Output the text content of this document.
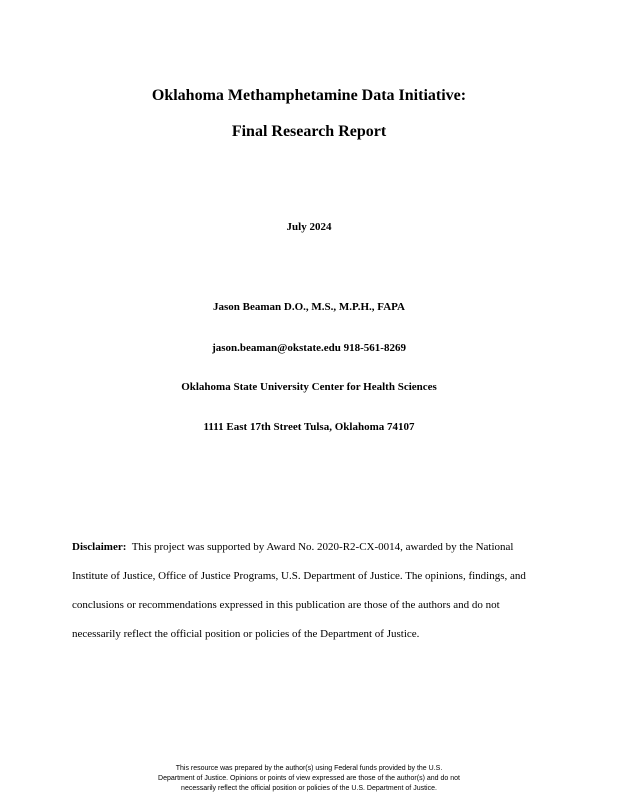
Oklahoma Methamphetamine Data Initiative:
Final Research Report
July 2024
Jason Beaman D.O., M.S., M.P.H., FAPA
jason.beaman@okstate.edu 918-561-8269
Oklahoma State University Center for Health Sciences
1111 East 17th Street Tulsa, Oklahoma 74107
Disclaimer: This project was supported by Award No. 2020-R2-CX-0014, awarded by the National Institute of Justice, Office of Justice Programs, U.S. Department of Justice. The opinions, findings, and conclusions or recommendations expressed in this publication are those of the authors and do not necessarily reflect the official position or policies of the Department of Justice.
This resource was prepared by the author(s) using Federal funds provided by the U.S.
Department of Justice. Opinions or points of view expressed are those of the author(s) and do not
necessarily reflect the official position or policies of the U.S. Department of Justice.
